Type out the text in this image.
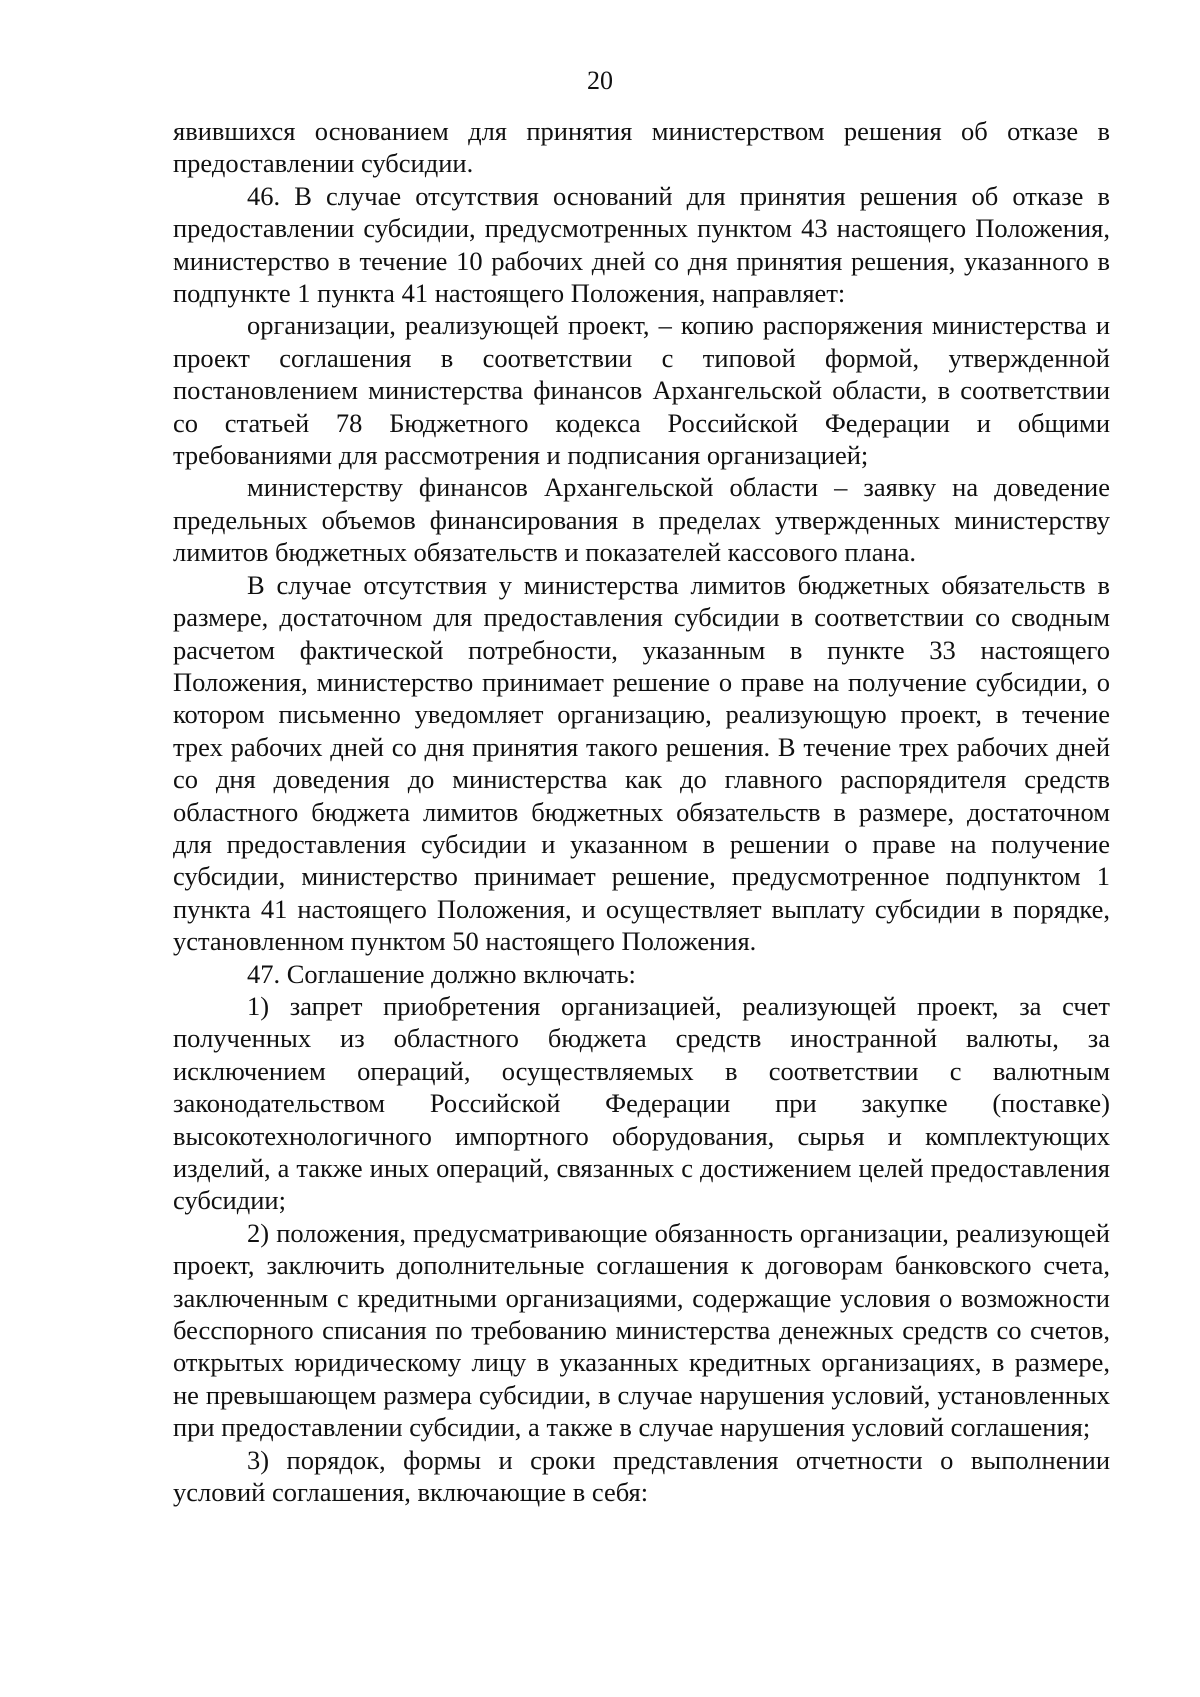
20

явившихся основанием для принятия министерством решения об отказе в предоставлении субсидии.

46. В случае отсутствия оснований для принятия решения об отказе в предоставлении субсидии, предусмотренных пунктом 43 настоящего Положения, министерство в течение 10 рабочих дней со дня принятия решения, указанного в подпункте 1 пункта 41 настоящего Положения, направляет:

организации, реализующей проект, – копию распоряжения министерства и проект соглашения в соответствии с типовой формой, утвержденной постановлением министерства финансов Архангельской области, в соответствии со статьей 78 Бюджетного кодекса Российской Федерации и общими требованиями для рассмотрения и подписания организацией;

министерству финансов Архангельской области – заявку на доведение предельных объемов финансирования в пределах утвержденных министерству лимитов бюджетных обязательств и показателей кассового плана.

В случае отсутствия у министерства лимитов бюджетных обязательств в размере, достаточном для предоставления субсидии в соответствии со сводным расчетом фактической потребности, указанным в пункте 33 настоящего Положения, министерство принимает решение о праве на получение субсидии, о котором письменно уведомляет организацию, реализующую проект, в течение трех рабочих дней со дня принятия такого решения. В течение трех рабочих дней со дня доведения до министерства как до главного распорядителя средств областного бюджета лимитов бюджетных обязательств в размере, достаточном для предоставления субсидии и указанном в решении о праве на получение субсидии, министерство принимает решение, предусмотренное подпунктом 1 пункта 41 настоящего Положения, и осуществляет выплату субсидии в порядке, установленном пунктом 50 настоящего Положения.

47. Соглашение должно включать:

1) запрет приобретения организацией, реализующей проект, за счет полученных из областного бюджета средств иностранной валюты, за исключением операций, осуществляемых в соответствии с валютным законодательством Российской Федерации при закупке (поставке) высокотехнологичного импортного оборудования, сырья и комплектующих изделий, а также иных операций, связанных с достижением целей предоставления субсидии;

2) положения, предусматривающие обязанность организации, реализующей проект, заключить дополнительные соглашения к договорам банковского счета, заключенным с кредитными организациями, содержащие условия о возможности бесспорного списания по требованию министерства денежных средств со счетов, открытых юридическому лицу в указанных кредитных организациях, в размере, не превышающем размера субсидии, в случае нарушения условий, установленных при предоставлении субсидии, а также в случае нарушения условий соглашения;

3) порядок, формы и сроки представления отчетности о выполнении условий соглашения, включающие в себя:
